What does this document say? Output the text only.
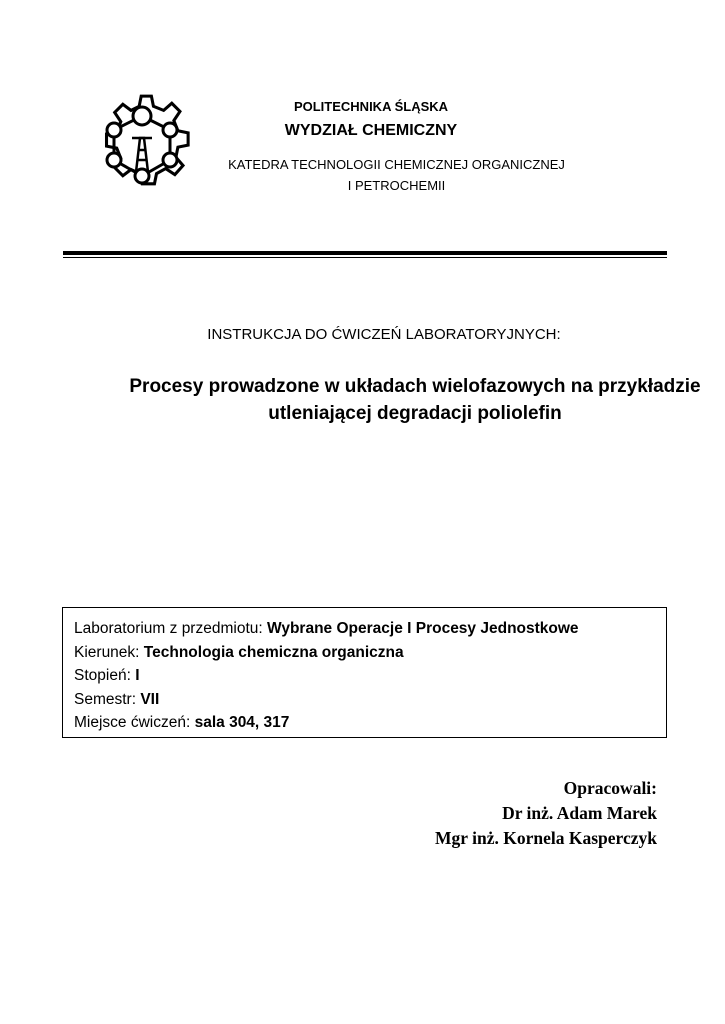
POLITECHNIKA ŚLĄSKA
WYDZIAŁ CHEMICZNY
KATEDRA TECHNOLOGII CHEMICZNEJ ORGANICZNEJ
I PETROCHEMII
INSTRUKCJA DO ĆWICZEŃ LABORATORYJNYCH:
Procesy prowadzone w układach wielofazowych na przykładzie
utleniającej degradacji poliolefin
Laboratorium z przedmiotu: Wybrane Operacje I Procesy Jednostkowe
Kierunek: Technologia chemiczna organiczna
Stopień: I
Semestr: VII
Miejsce ćwiczeń: sala 304, 317
Opracowali:
Dr inż. Adam Marek
Mgr inż. Kornela Kasperczyk
